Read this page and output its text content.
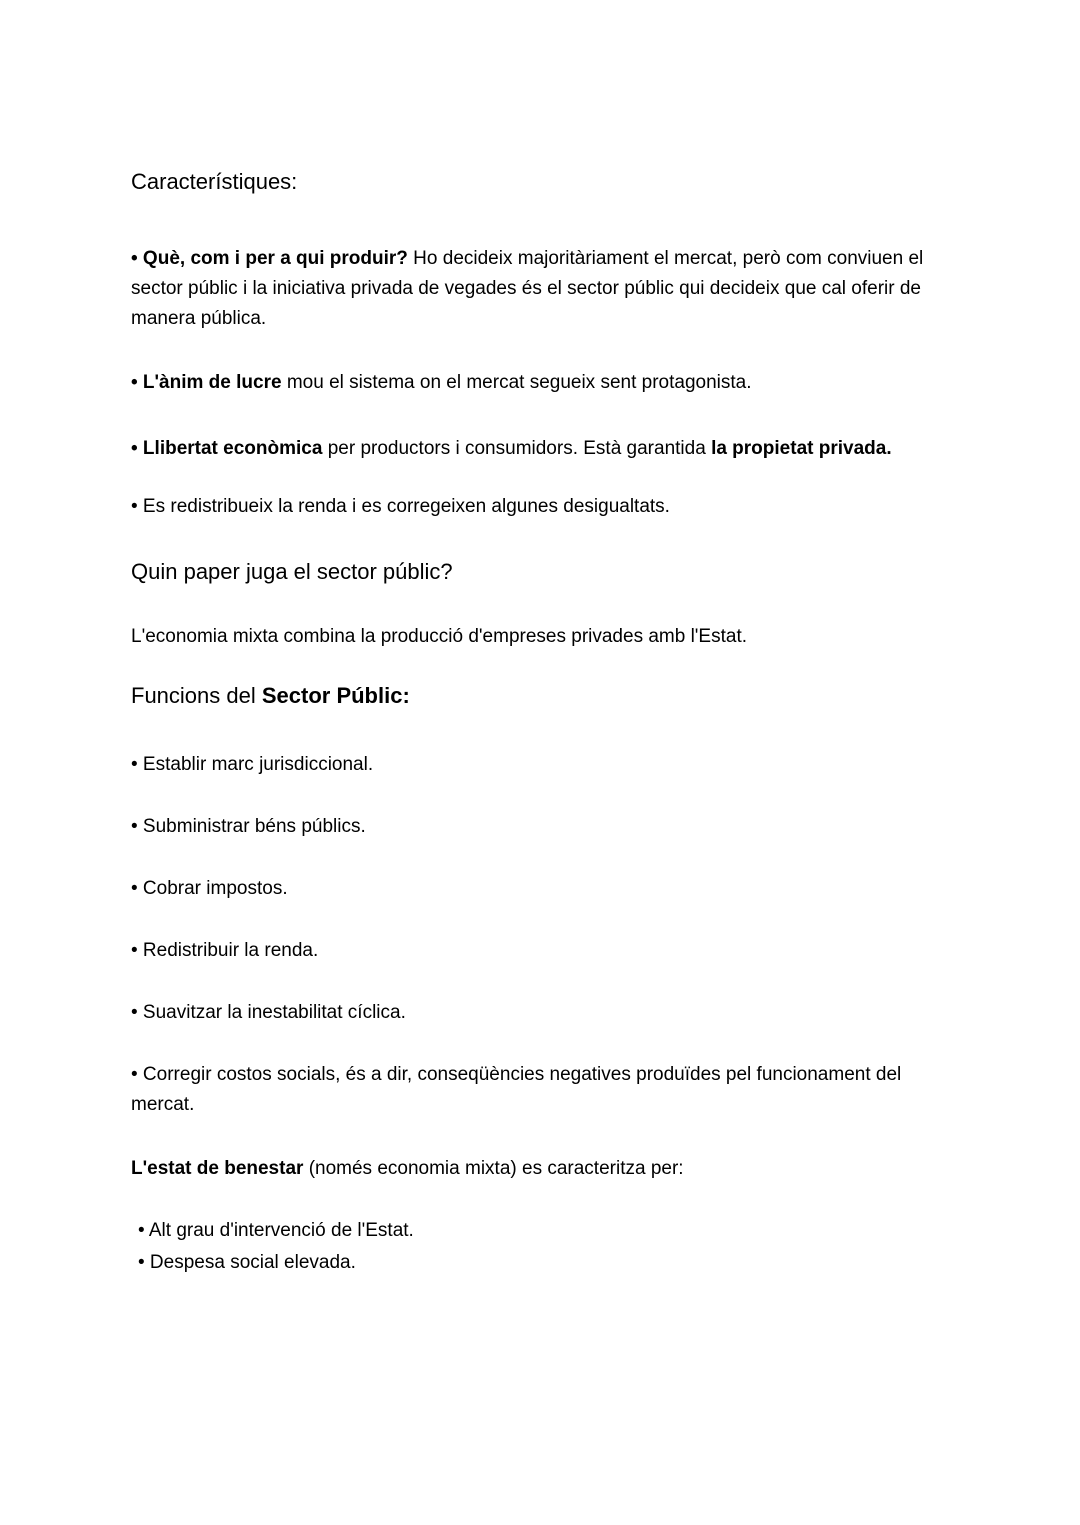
Característiques:

• Què, com i per a qui produir? Ho decideix majoritàriament el mercat, però com conviuen el sector públic i la iniciativa privada de vegades és el sector públic qui decideix que cal oferir de manera pública.

• L'ànim de lucre mou el sistema on el mercat segueix sent protagonista.

• Llibertat econòmica per productors i consumidors. Està garantida la propietat privada.

• Es redistribueix la renda i es corregeixen algunes desigualtats.

Quin paper juga el sector públic?

L'economia mixta combina la producció d'empreses privades amb l'Estat.

Funcions del Sector Públic:

• Establir marc jurisdiccional.

• Subministrar béns públics.

• Cobrar impostos.

• Redistribuir la renda.

• Suavitzar la inestabilitat cíclica.

• Corregir costos socials, és a dir, conseqüències negatives produïdes pel funcionament del mercat.

L'estat de benestar (només economia mixta) es caracteritza per:

• Alt grau d'intervenció de l'Estat.

• Despesa social elevada.
